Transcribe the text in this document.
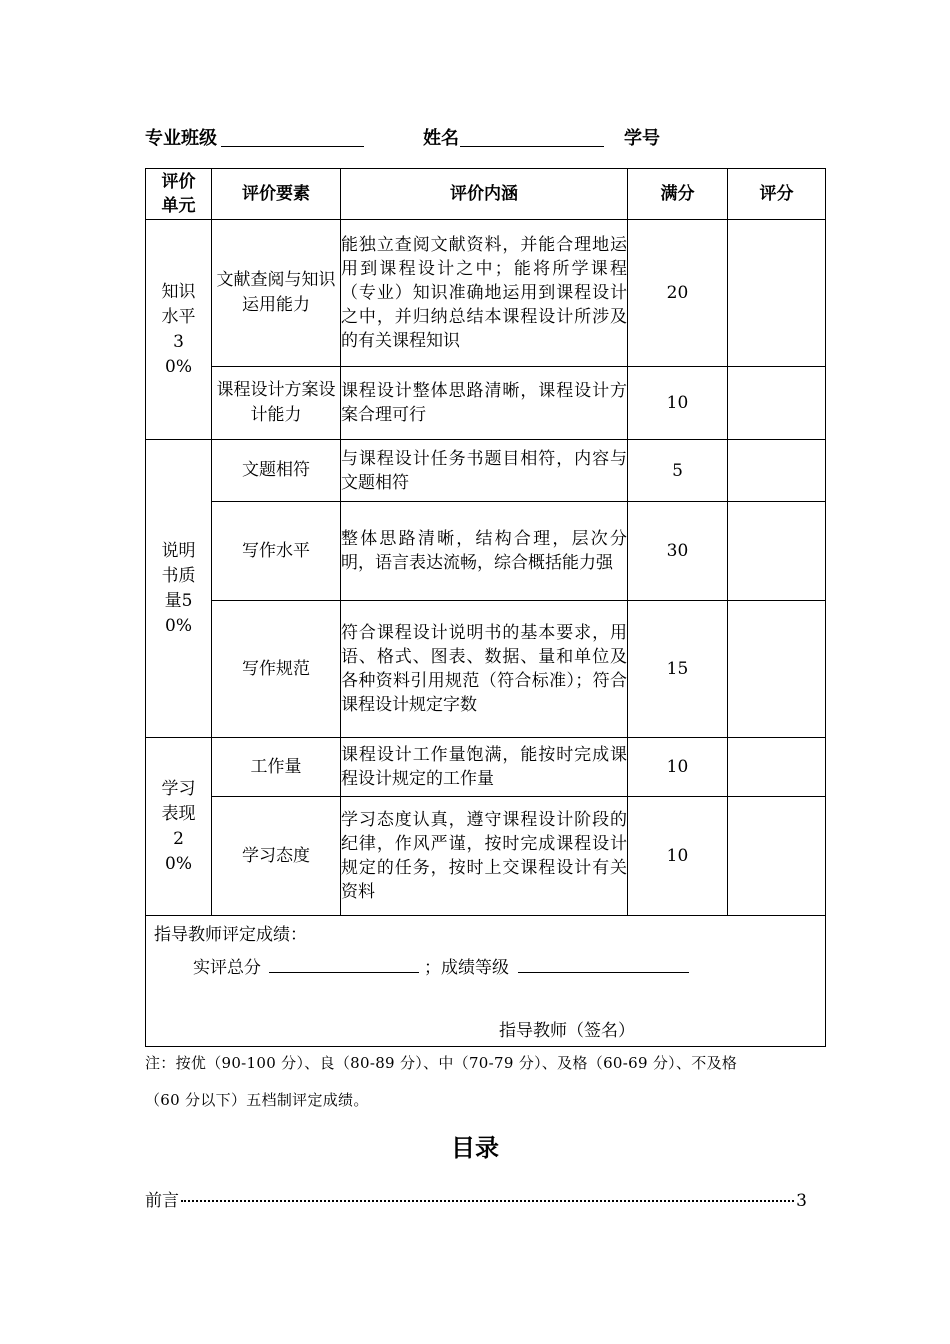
专业班级	姓名	学号
评价单元	评价要素	评价内涵	满分	评分

知识水平30%	文献查阅与知识运用能力	能独立查阅文献资料，并能合理地运用到课程设计之中；能将所学课程（专业）知识准确地运用到课程设计之中，并归纳总结本课程设计所涉及的有关课程知识	20	
	课程设计方案设计能力	课程设计整体思路清晰，课程设计方案合理可行	10	

说明书质量50%	文题相符	与课程设计任务书题目相符，内容与文题相符	5	
	写作水平	整体思路清晰，结构合理，层次分明，语言表达流畅，综合概括能力强	30	
	写作规范	符合课程设计说明书的基本要求，用语、格式、图表、数据、量和单位及各种资料引用规范（符合标准）；符合课程设计规定字数	15	

学习表现20%	工作量	课程设计工作量饱满，能按时完成课程设计规定的工作量	10	
	学习态度	学习态度认真，遵守课程设计阶段的纪律，作风严谨，按时完成课程设计规定的任务，按时上交课程设计有关资料	10	

指导教师评定成绩：
实评总分 ；成绩等级
指导教师（签名）				
注：按优（90-100 分）、良（80-89 分）、中（70-79 分）、及格（60-69 分）、不及格
（60 分以下）五档制评定成绩。
目录
前言	3
